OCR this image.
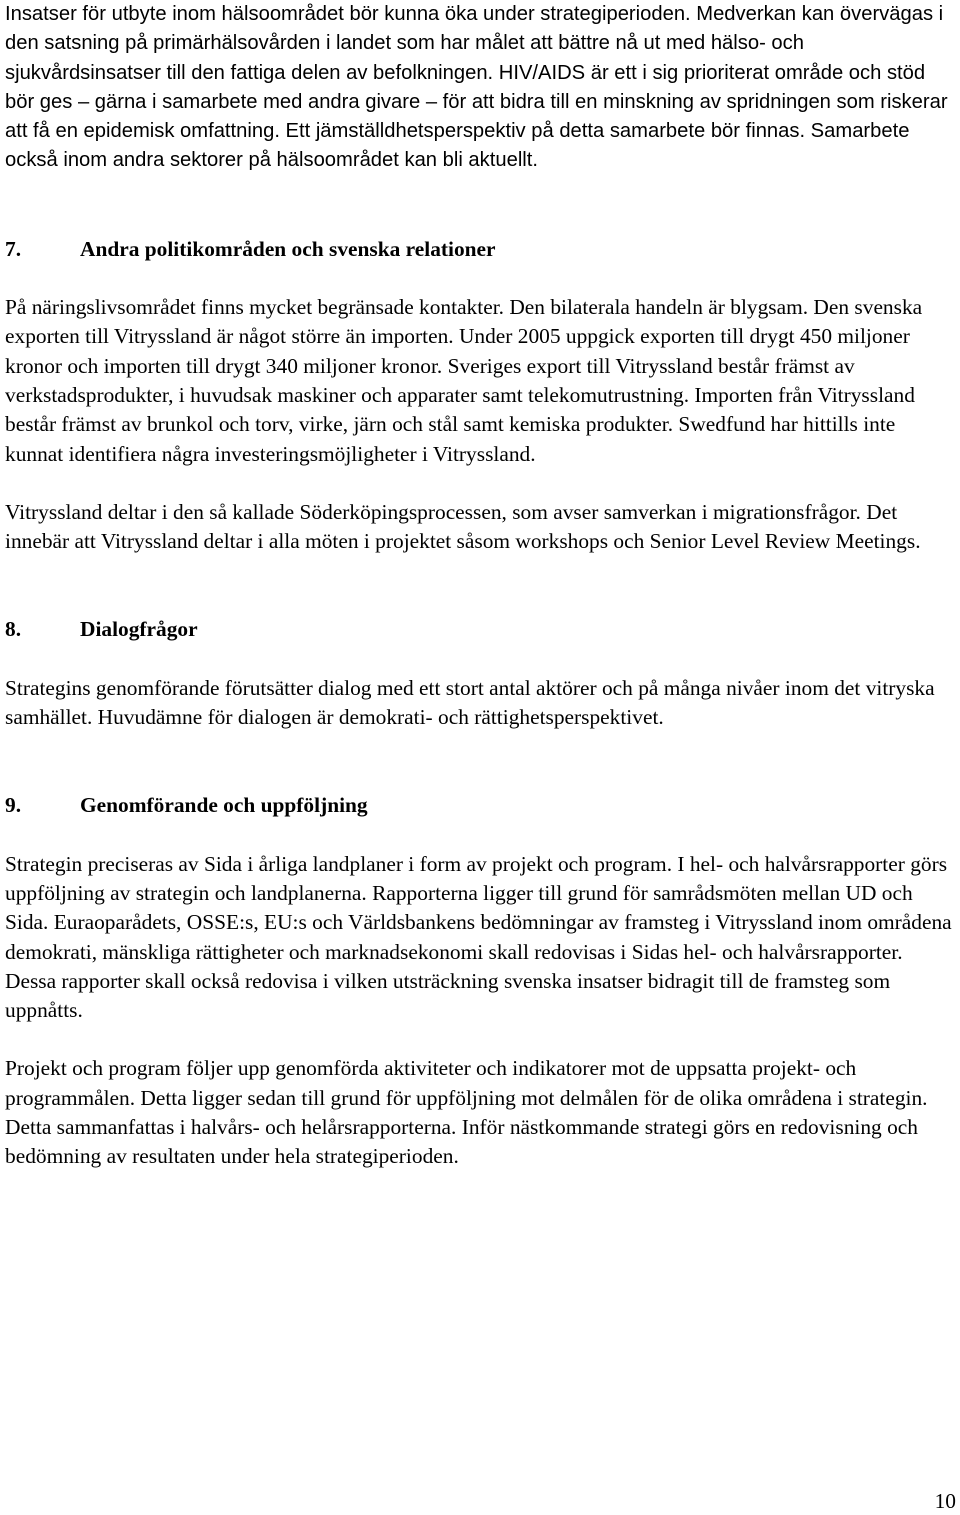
Insatser för utbyte inom hälsoområdet bör kunna öka under strategiperioden. Medverkan kan övervägas i den satsning på primärhälsovården i landet som har målet att bättre nå ut med hälso- och sjukvårdsinsatser till den fattiga delen av befolkningen. HIV/AIDS är ett i sig prioriterat område och stöd bör ges – gärna i samarbete med andra givare – för att bidra till en minskning av spridningen som riskerar att få en epidemisk omfattning. Ett jämställdhetsperspektiv på detta samarbete bör finnas. Samarbete också inom andra sektorer på hälsoområdet kan bli aktuellt.

7.	Andra politikområden och svenska relationer

På näringslivsområdet finns mycket begränsade kontakter. Den bilaterala handeln är blygsam. Den svenska exporten till Vitryssland är något större än importen. Under 2005 uppgick exporten till drygt 450 miljoner kronor och importen till drygt 340 miljoner kronor. Sveriges export till Vitryssland består främst av verkstadsprodukter, i huvudsak maskiner och apparater samt telekomutrustning. Importen från Vitryssland består främst av brunkol och torv, virke, järn och stål samt kemiska produkter. Swedfund har hittills inte kunnat identifiera några investeringsmöjligheter i Vitryssland.

Vitryssland deltar i den så kallade Söderköpingsprocessen, som avser samverkan i migrationsfrågor. Det innebär att Vitryssland deltar i alla möten i projektet såsom workshops och Senior Level Review Meetings.

8.	Dialogfrågor

Strategins genomförande förutsätter dialog med ett stort antal aktörer och på många nivåer inom det vitryska samhället. Huvudämne för dialogen är demokrati- och rättighetsperspektivet.

9.	Genomförande och uppföljning

Strategin preciseras av Sida i årliga landplaner i form av projekt och program. I hel- och halvårsrapporter görs uppföljning av strategin och landplanerna. Rapporterna ligger till grund för samrådsmöten mellan UD och Sida. Euraoparådets, OSSE:s, EU:s och Världsbankens bedömningar av framsteg i Vitryssland inom områdena demokrati, mänskliga rättigheter och marknadsekonomi skall redovisas i Sidas hel- och halvårsrapporter. Dessa rapporter skall också redovisa i vilken utsträckning svenska insatser bidragit till de framsteg som uppnåtts.

Projekt och program följer upp genomförda aktiviteter och indikatorer mot de uppsatta projekt- och programmålen. Detta ligger sedan till grund för uppföljning mot delmålen för de olika områdena i strategin. Detta sammanfattas i halvårs- och helårsrapporterna. Inför nästkommande strategi görs en redovisning och bedömning av resultaten under hela strategiperioden.

10
